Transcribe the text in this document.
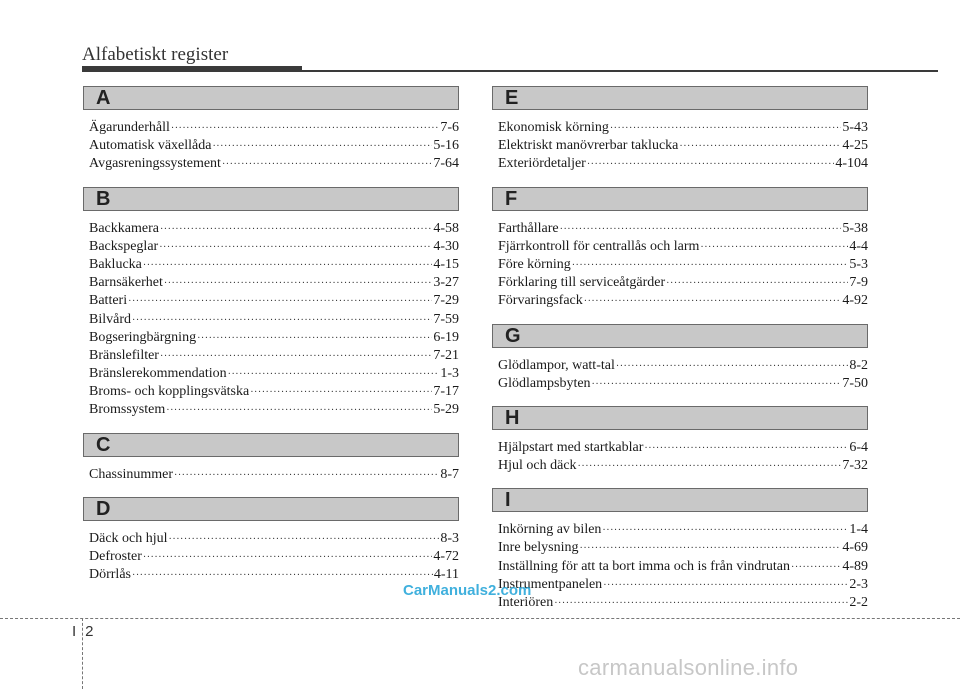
Alfabetiskt register
A
Ägarunderhåll ·····	7-6
Automatisk växellåda ·····	5-16
Avgasreningssystement ·····	7-64
B
Backkamera ·····	4-58
Backspeglar ·····	4-30
Baklucka ·····	4-15
Barnsäkerhet ·····	3-27
Batteri ·····	7-29
Bilvård ·····	7-59
Bogseringbärgning ·····	6-19
Bränslefilter ·····	7-21
Bränslerekommendation ·····	1-3
Broms- och kopplingsvätska ·····	7-17
Bromssystem ·····	5-29
C
Chassinummer ·····	8-7
D
Däck och hjul ·····	8-3
Defroster ·····	4-72
Dörrlås ·····	4-11
E
Ekonomisk körning ·····	5-43
Elektriskt manövrerbar taklucka ·····	4-25
Exteriördetaljer ·····	4-104
F
Farthållare ·····	5-38
Fjärrkontroll för centrallås och larm ·····	4-4
Före körning ·····	5-3
Förklaring till serviceåtgärder ·····	7-9
Förvaringsfack ·····	4-92
G
Glödlampor, watt-tal ·····	8-2
Glödlampsbyten ·····	7-50
H
Hjälpstart med startkablar ·····	6-4
Hjul och däck ·····	7-32
I
Inkörning av bilen ·····	1-4
Inre belysning ·····	4-69
Inställning för att ta bort imma och is från vindrutan ·····	4-89
Instrumentpanelen ·····	2-3
Interiören ·····	2-2
CarManuals2.com
I 2
carmanualsonline.info
